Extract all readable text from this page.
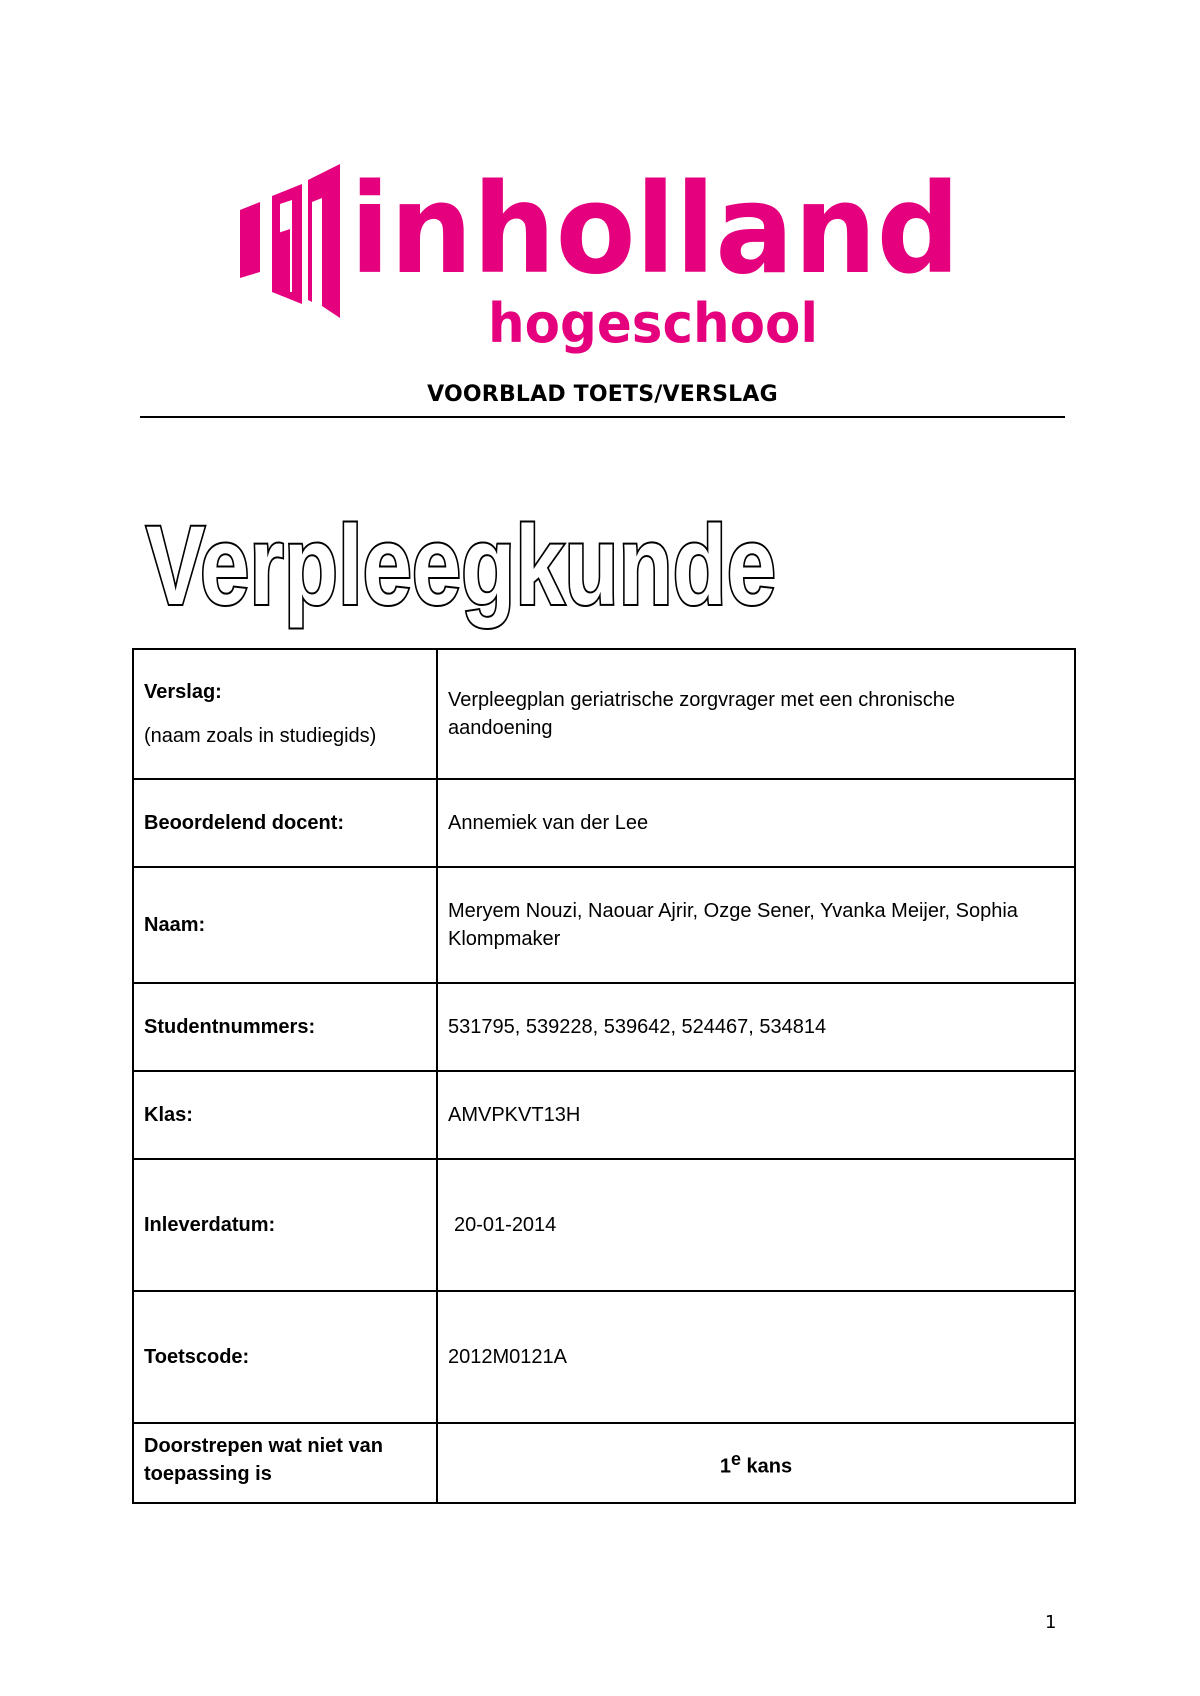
inholland
hogeschool
VOORBLAD TOETS/VERSLAG
Verpleegkunde
Verslag:
(naam zoals in studiegids)	Verpleegplan geriatrische zorgvrager met een chronische aandoening
Beoordelend docent:	Annemiek van der Lee
Naam:	Meryem Nouzi, Naouar Ajrir, Ozge Sener, Yvanka Meijer, Sophia Klompmaker
Studentnummers:	531795, 539228, 539642, 524467, 534814
Klas:	AMVPKVT13H
Inleverdatum:	20-01-2014
Toetscode:	2012M0121A
Doorstrepen wat niet van toepassing is	1e kans
1
